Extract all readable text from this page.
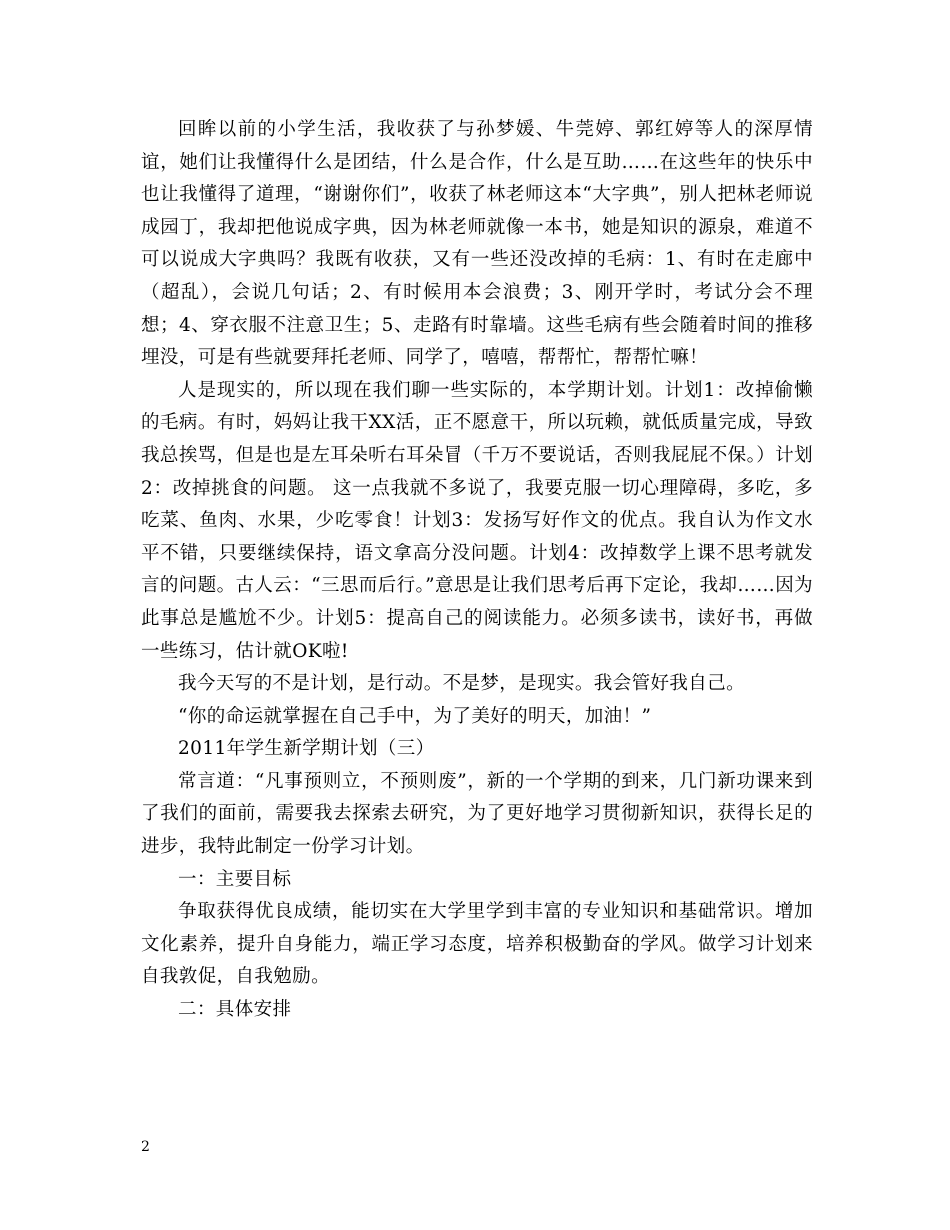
回眸以前的小学生活，我收获了与孙梦媛、牛莞婷、郭红婷等人的深厚情谊，她们让我懂得什么是团结，什么是合作，什么是互助……在这些年的快乐中也让我懂得了道理，“谢谢你们”，收获了林老师这本“大字典”，别人把林老师说成园丁，我却把他说成字典，因为林老师就像一本书，她是知识的源泉，难道不可以说成大字典吗？我既有收获，又有一些还没改掉的毛病：1、有时在走廊中（超乱），会说几句话；2、有时候用本会浪费；3、刚开学时，考试分会不理想；4、穿衣服不注意卫生；5、走路有时靠墙。这些毛病有些会随着时间的推移埋没，可是有些就要拜托老师、同学了，嘻嘻，帮帮忙，帮帮忙嘛！

人是现实的，所以现在我们聊一些实际的，本学期计划。计划1：改掉偷懒的毛病。有时，妈妈让我干XX活，正不愿意干，所以玩赖，就低质量完成，导致我总挨骂，但是也是左耳朵听右耳朵冒（千万不要说话，否则我屁屁不保。）计划2：改掉挑食的问题。 这一点我就不多说了，我要克服一切心理障碍，多吃，多吃菜、鱼肉、水果，少吃零食！计划3：发扬写好作文的优点。我自认为作文水平不错，只要继续保持，语文拿高分没问题。计划4：改掉数学上课不思考就发言的问题。古人云：“三思而后行。”意思是让我们思考后再下定论，我却……因为此事总是尴尬不少。计划5：提高自己的阅读能力。必须多读书，读好书，再做一些练习，估计就OK啦!

我今天写的不是计划，是行动。不是梦，是现实。我会管好我自己。

“你的命运就掌握在自己手中，为了美好的明天，加油！”

2011年学生新学期计划（三）

常言道：“凡事预则立，不预则废”，新的一个学期的到来，几门新功课来到了我们的面前，需要我去探索去研究，为了更好地学习贯彻新知识，获得长足的进步，我特此制定一份学习计划。

一：主要目标

争取获得优良成绩，能切实在大学里学到丰富的专业知识和基础常识。增加文化素养，提升自身能力，端正学习态度，培养积极勤奋的学风。做学习计划来自我敦促，自我勉励。

二：具体安排

2
